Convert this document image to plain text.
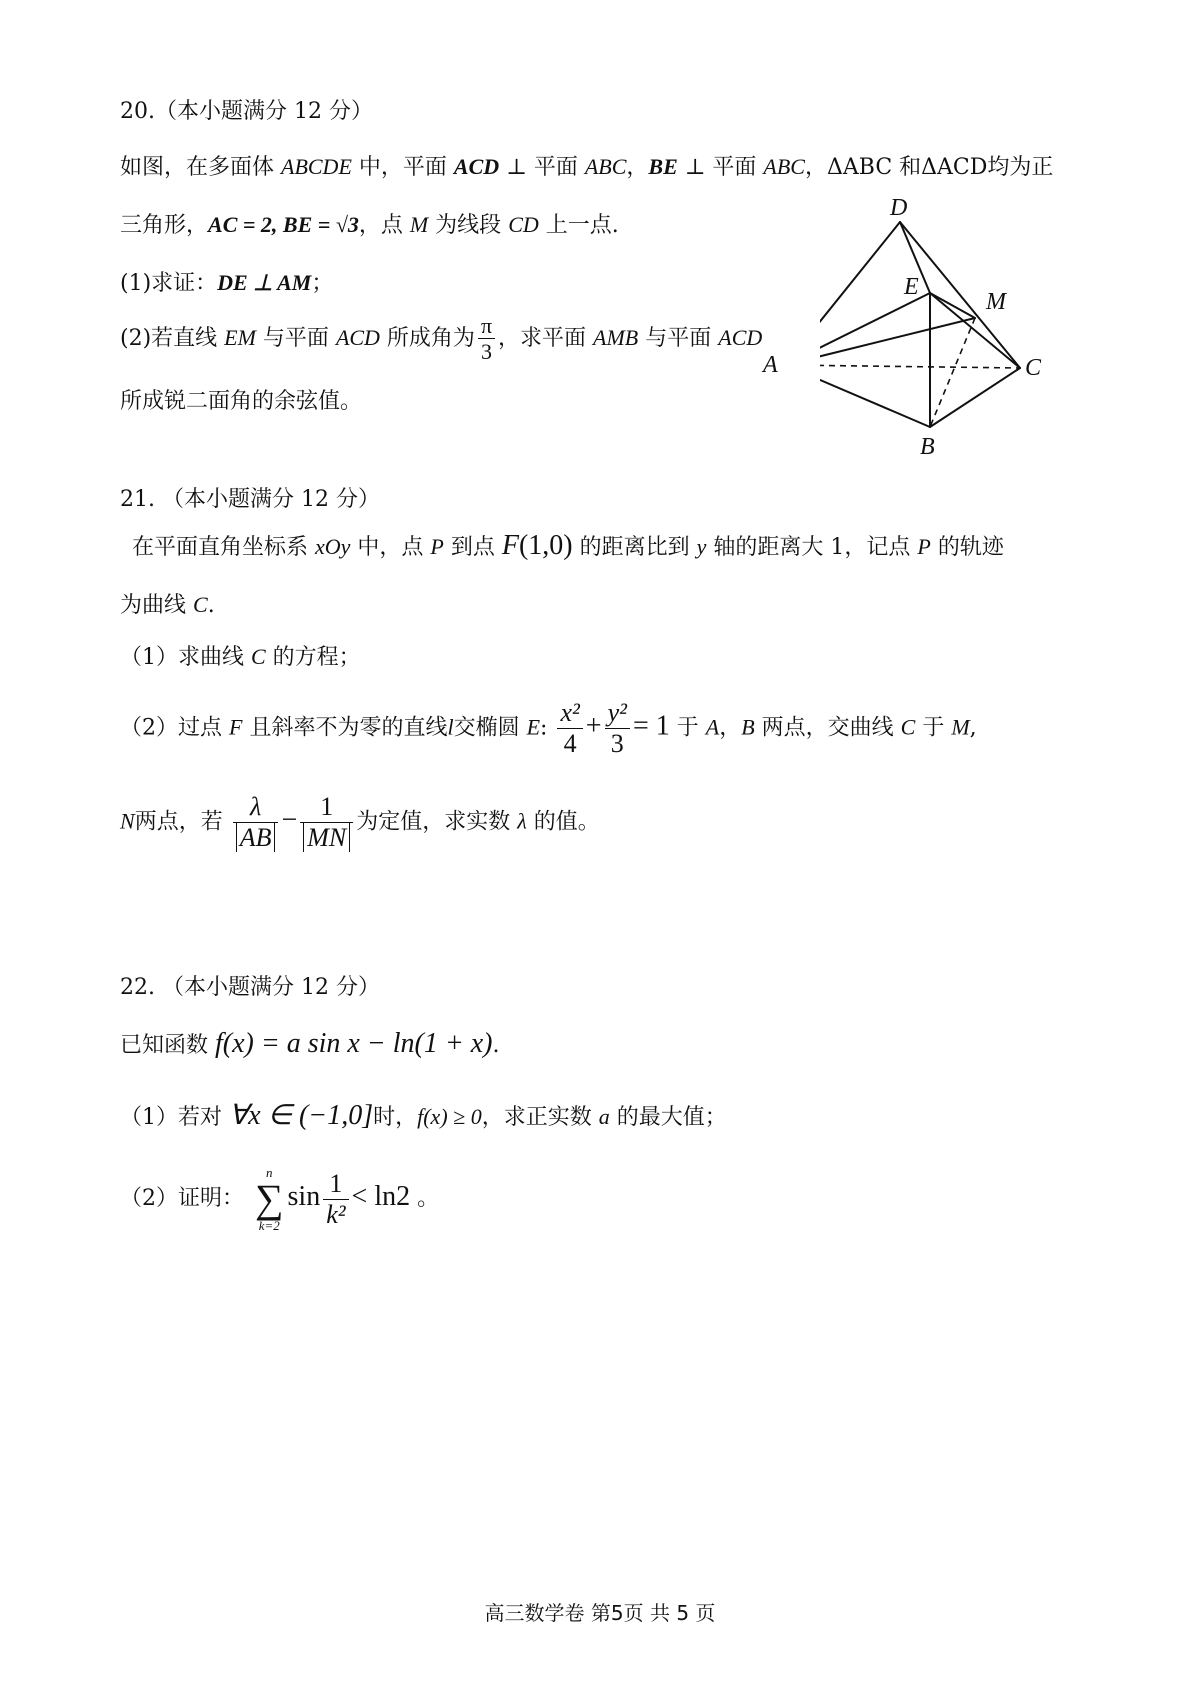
20.（本小题满分 12 分）
如图，在多面体 ABCDE 中，平面 ACD ⊥ 平面 ABC，BE ⊥ 平面 ABC，ΔABC 和ΔACD均为正
三角形，AC = 2, BE = √3，点 M 为线段 CD 上一点.
(1)求证：DE ⊥ AM；
(2)若直线 EM 与平面 ACD 所成角为 $\frac{\pi}{3}$ ，求平面 AMB 与平面 ACD
所成锐二面角的余弦值。
D
E
M
A	C
B
21. （本小题满分 12 分）
在平面直角坐标系 xOy 中，点 P 到点 F(1,0) 的距离比到 y 轴的距离大 1，记点 P 的轨迹
为曲线 C.
（1）求曲线 C 的方程；
（2）过点 F 且斜率不为零的直线l交椭圆 E: $\frac{\text{x²}}{4} + \frac{\text{y²}}{3} = 1$ 于 A，B 两点，交曲线 C 于 M,
N两点，若 $\frac{\lambda}{AB} - \frac{1}{MN}$ 为定值，求实数 λ 的值。
22. （本小题满分 12 分）
已知函数 f(x) = a sin x − ln(1 + x).
（1）若对 ∀x ∈ (−1,0]时，f(x) ≥ 0，求正实数 a 的最大值；
（2）证明：
n
∑
k=2
$\sin \frac{1}{\text{k²}} < \ln 2$ 。
高三数学卷 第5页 共 5 页
